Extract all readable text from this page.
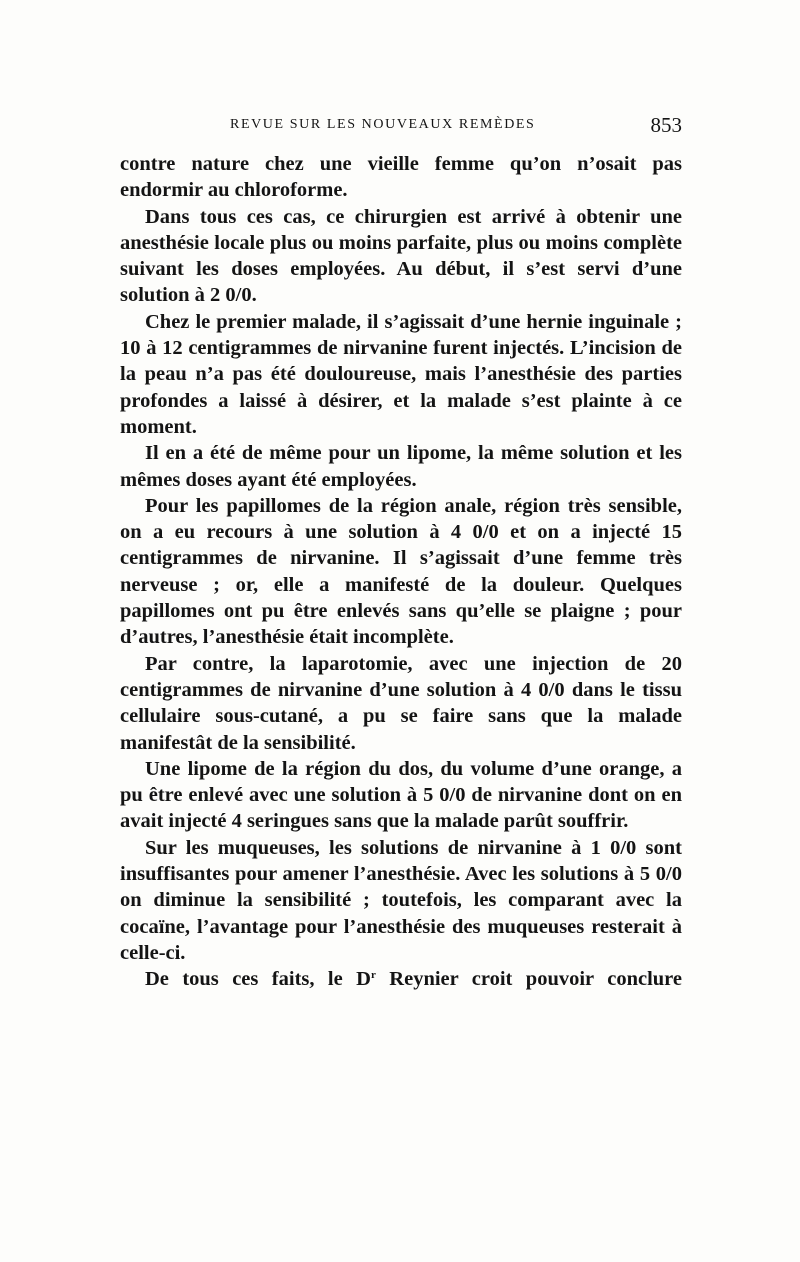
REVUE SUR LES NOUVEAUX REMÈDES	853

contre nature chez une vieille femme qu’on n’osait pas endormir au chloroforme.

Dans tous ces cas, ce chirurgien est arrivé à obtenir une anesthésie locale plus ou moins parfaite, plus ou moins complète suivant les doses employées. Au début, il s’est servi d’une solution à 2 0/0.

Chez le premier malade, il s’agissait d’une hernie inguinale ; 10 à 12 centigrammes de nirvanine furent injectés. L’incision de la peau n’a pas été douloureuse, mais l’anesthésie des parties profondes a laissé à désirer, et la malade s’est plainte à ce moment.

Il en a été de même pour un lipome, la même solution et les mêmes doses ayant été employées.

Pour les papillomes de la région anale, région très sensible, on a eu recours à une solution à 4 0/0 et on a injecté 15 centigrammes de nirvanine. Il s’agissait d’une femme très nerveuse ; or, elle a manifesté de la douleur. Quelques papillomes ont pu être enlevés sans qu’elle se plaigne ; pour d’autres, l’anesthésie était incomplète.

Par contre, la laparotomie, avec une injection de 20 centigrammes de nirvanine d’une solution à 4 0/0 dans le tissu cellulaire sous-cutané, a pu se faire sans que la malade manifestât de la sensibilité.

Une lipome de la région du dos, du volume d’une orange, a pu être enlevé avec une solution à 5 0/0 de nirvanine dont on en avait injecté 4 seringues sans que la malade parût souffrir.

Sur les muqueuses, les solutions de nirvanine à 1 0/0 sont insuffisantes pour amener l’anesthésie. Avec les solutions à 5 0/0 on diminue la sensibilité ; toutefois, les comparant avec la cocaïne, l’avantage pour l’anesthésie des muqueuses resterait à celle-ci.

De tous ces faits, le $D^r$ Reynier croit pouvoir conclure
